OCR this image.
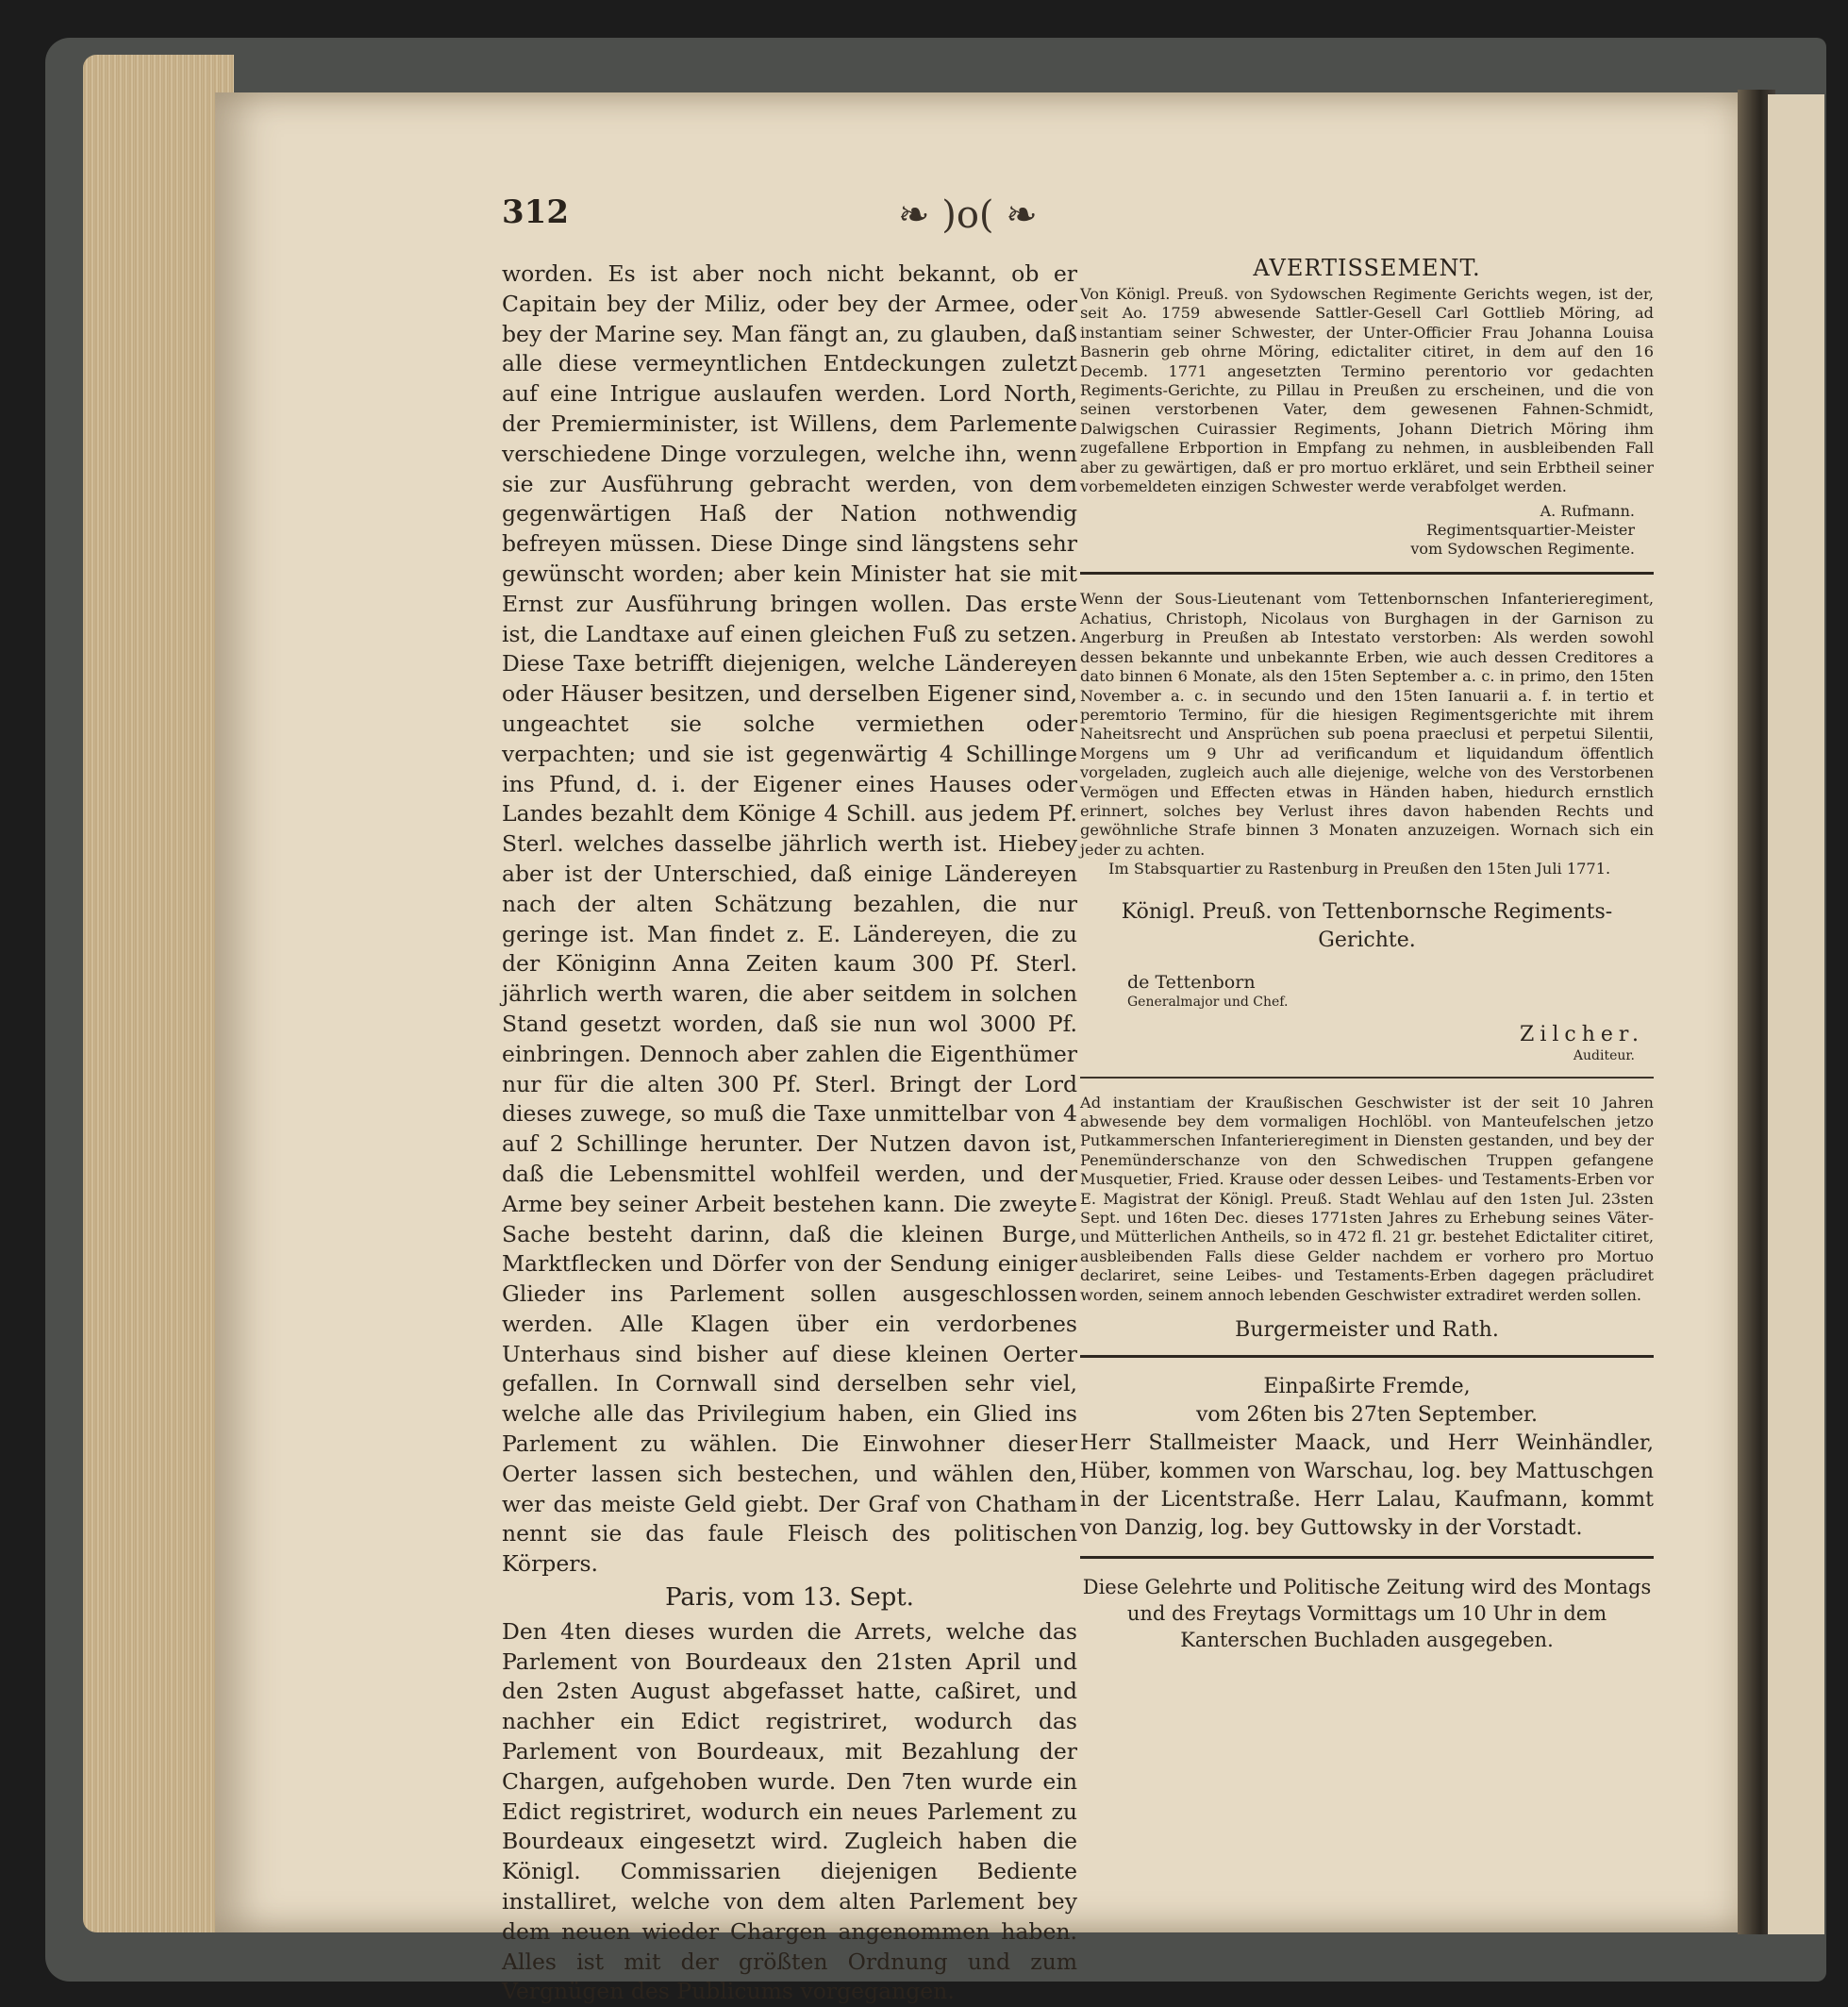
312	❧ )o( ❧

worden. Es ist aber noch nicht bekannt, ob er Capitain bey der Miliz, oder bey der Armee, oder bey der Marine sey. Man fängt an, zu glauben, daß alle diese vermeyntlichen Entdeckungen zuletzt auf eine Intrigue auslaufen werden. Lord North, der Premierminister, ist Willens, dem Parlemente verschiedene Dinge vorzulegen, welche ihn, wenn sie zur Ausführung gebracht werden, von dem gegenwärtigen Haß der Nation nothwendig befreyen müssen. Diese Dinge sind längstens sehr gewünscht worden; aber kein Minister hat sie mit Ernst zur Ausführung bringen wollen. Das erste ist, die Landtaxe auf einen gleichen Fuß zu setzen. Diese Taxe betrifft diejenigen, welche Ländereyen oder Häuser besitzen, und derselben Eigener sind, ungeachtet sie solche vermiethen oder verpachten; und sie ist gegenwärtig 4 Schillinge ins Pfund, d. i. der Eigener eines Hauses oder Landes bezahlt dem Könige 4 Schill. aus jedem Pf. Sterl. welches dasselbe jährlich werth ist. Hiebey aber ist der Unterschied, daß einige Ländereyen nach der alten Schätzung bezahlen, die nur geringe ist. Man findet z. E. Ländereyen, die zu der Königinn Anna Zeiten kaum 300 Pf. Sterl. jährlich werth waren, die aber seitdem in solchen Stand gesetzt worden, daß sie nun wol 3000 Pf. einbringen. Dennoch aber zahlen die Eigenthümer nur für die alten 300 Pf. Sterl. Bringt der Lord dieses zuwege, so muß die Taxe unmittelbar von 4 auf 2 Schillinge herunter. Der Nutzen davon ist, daß die Lebensmittel wohlfeil werden, und der Arme bey seiner Arbeit bestehen kann. Die zweyte Sache besteht darinn, daß die kleinen Burge, Marktflecken und Dörfer von der Sendung einiger Glieder ins Parlement sollen ausgeschlossen werden. Alle Klagen über ein verdorbenes Unterhaus sind bisher auf diese kleinen Oerter gefallen. In Cornwall sind derselben sehr viel, welche alle das Privilegium haben, ein Glied ins Parlement zu wählen. Die Einwohner dieser Oerter lassen sich bestechen, und wählen den, wer das meiste Geld giebt. Der Graf von Chatham nennt sie das faule Fleisch des politischen Körpers.

Paris, vom 13. Sept.

Den 4ten dieses wurden die Arrets, welche das Parlement von Bourdeaux den 21sten April und den 2sten August abgefasset hatte, caßiret, und nachher ein Edict registriret, wodurch das Parlement von Bourdeaux, mit Bezahlung der Chargen, aufgehoben wurde. Den 7ten wurde ein Edict registriret, wodurch ein neues Parlement zu Bourdeaux eingesetzt wird. Zugleich haben die Königl. Commissarien diejenigen Bediente installiret, welche von dem alten Parlement bey dem neuen wieder Chargen angenommen haben. Alles ist mit der größten Ordnung und zum Vergnügen des Publicums vorgegangen.

AVERTISSEMENT.

Von Königl. Preuß. von Sydowschen Regimente Gerichts wegen, ist der, seit Ao. 1759 abwesende Sattler-Gesell Carl Gottlieb Möring, ad instantiam seiner Schwester, der Unter-Officier Frau Johanna Louisa Basnerin geb ohrne Möring, edictaliter citiret, in dem auf den 16 Decemb. 1771 angesetzten Termino perentorio vor gedachten Regiments-Gerichte, zu Pillau in Preußen zu erscheinen, und die von seinen verstorbenen Vater, dem gewesenen Fahnen-Schmidt, Dalwigschen Cuirassier Regiments, Johann Dietrich Möring ihm zugefallene Erbportion in Empfang zu nehmen, in ausbleibenden Fall aber zu gewärtigen, daß er pro mortuo erkläret, und sein Erbtheil seiner vorbemeldeten einzigen Schwester werde verabfolget werden.

A. Rufmann.
Regimentsquartier-Meister
vom Sydowschen Regimente.

Wenn der Sous-Lieutenant vom Tettenbornschen Infanterieregiment, Achatius, Christoph, Nicolaus von Burghagen in der Garnison zu Angerburg in Preußen ab Intestato verstorben: Als werden sowohl dessen bekannte und unbekannte Erben, wie auch dessen Creditores a dato binnen 6 Monate, als den 15ten September a. c. in primo, den 15ten November a. c. in secundo und den 15ten Ianuarii a. f. in tertio et peremtorio Termino, für die hiesigen Regimentsgerichte mit ihrem Naheitsrecht und Ansprüchen sub poena praeclusi et perpetui Silentii, Morgens um 9 Uhr ad verificandum et liquidandum öffentlich vorgeladen, zugleich auch alle diejenige, welche von des Verstorbenen Vermögen und Effecten etwas in Händen haben, hiedurch ernstlich erinnert, solches bey Verlust ihres davon habenden Rechts und gewöhnliche Strafe binnen 3 Monaten anzuzeigen. Wornach sich ein jeder zu achten.

Im Stabsquartier zu Rastenburg in Preußen den 15ten Juli 1771.

Königl. Preuß. von Tettenbornsche Regiments-Gerichte.
de Tettenborn
Generalmajor und Chef.
Zilcher.
Auditeur.

Ad instantiam der Kraußischen Geschwister ist der seit 10 Jahren abwesende bey dem vormaligen Hochlöbl. von Manteufelschen jetzo Putkammerschen Infanterieregiment in Diensten gestanden, und bey der Penemünderschanze von den Schwedischen Truppen gefangene Musquetier, Fried. Krause oder dessen Leibes- und Testaments-Erben vor E. Magistrat der Königl. Preuß. Stadt Wehlau auf den 1sten Jul. 23sten Sept. und 16ten Dec. dieses 1771sten Jahres zu Erhebung seines Väter- und Mütterlichen Antheils, so in 472 fl. 21 gr. bestehet Edictaliter citiret, ausbleibenden Falls diese Gelder nachdem er vorhero pro Mortuo declariret, seine Leibes- und Testaments-Erben dagegen präcludiret worden, seinem annoch lebenden Geschwister extradiret werden sollen.

Burgermeister und Rath.
Einpaßirte Fremde,
vom 26ten bis 27ten September.

Herr Stallmeister Maack, und Herr Weinhändler, Hüber, kommen von Warschau, log. bey Mattuschgen in der Licentstraße. Herr Lalau, Kaufmann, kommt von Danzig, log. bey Guttowsky in der Vorstadt.

Diese Gelehrte und Politische Zeitung wird des Montags und des Freytags Vormittags um 10 Uhr in dem Kanterschen Buchladen ausgegeben.
